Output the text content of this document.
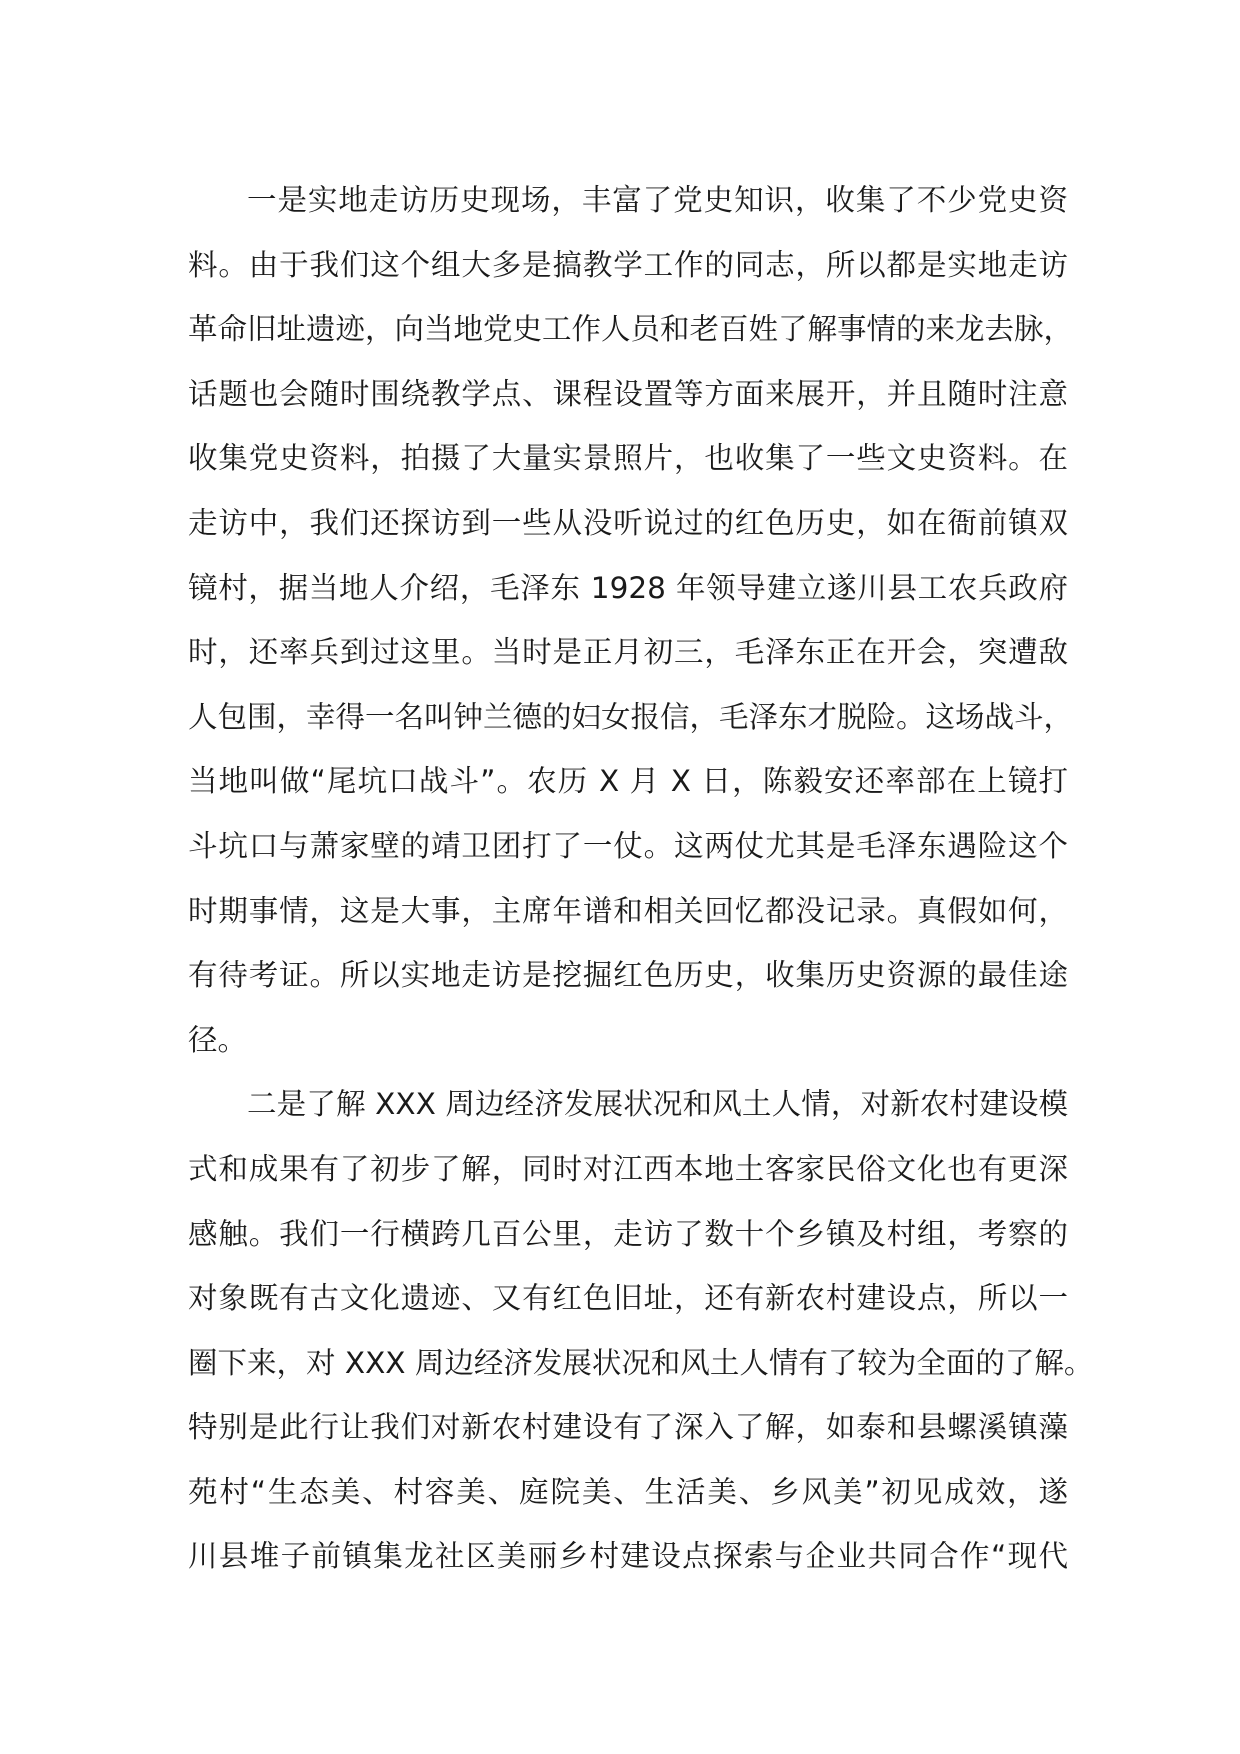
一是实地走访历史现场，丰富了党史知识，收集了不少党史资
料。由于我们这个组大多是搞教学工作的同志，所以都是实地走访
革命旧址遗迹，向当地党史工作人员和老百姓了解事情的来龙去脉，
话题也会随时围绕教学点、课程设置等方面来展开，并且随时注意
收集党史资料，拍摄了大量实景照片，也收集了一些文史资料。在
走访中，我们还探访到一些从没听说过的红色历史，如在衙前镇双
镜村，据当地人介绍，毛泽东 1928 年领导建立遂川县工农兵政府
时，还率兵到过这里。当时是正月初三，毛泽东正在开会，突遭敌
人包围，幸得一名叫钟兰德的妇女报信，毛泽东才脱险。这场战斗，
当地叫做“尾坑口战斗”。农历 X 月 X 日，陈毅安还率部在上镜打
斗坑口与萧家壁的靖卫团打了一仗。这两仗尤其是毛泽东遇险这个
时期事情，这是大事，主席年谱和相关回忆都没记录。真假如何，
有待考证。所以实地走访是挖掘红色历史，收集历史资源的最佳途
径。
二是了解 XXX 周边经济发展状况和风土人情，对新农村建设模
式和成果有了初步了解，同时对江西本地土客家民俗文化也有更深
感触。我们一行横跨几百公里，走访了数十个乡镇及村组，考察的
对象既有古文化遗迹、又有红色旧址，还有新农村建设点，所以一
圈下来，对 XXX 周边经济发展状况和风土人情有了较为全面的了解。
特别是此行让我们对新农村建设有了深入了解，如泰和县螺溪镇藻
苑村“生态美、村容美、庭院美、生活美、乡风美”初见成效，遂
川县堆子前镇集龙社区美丽乡村建设点探索与企业共同合作“现代
